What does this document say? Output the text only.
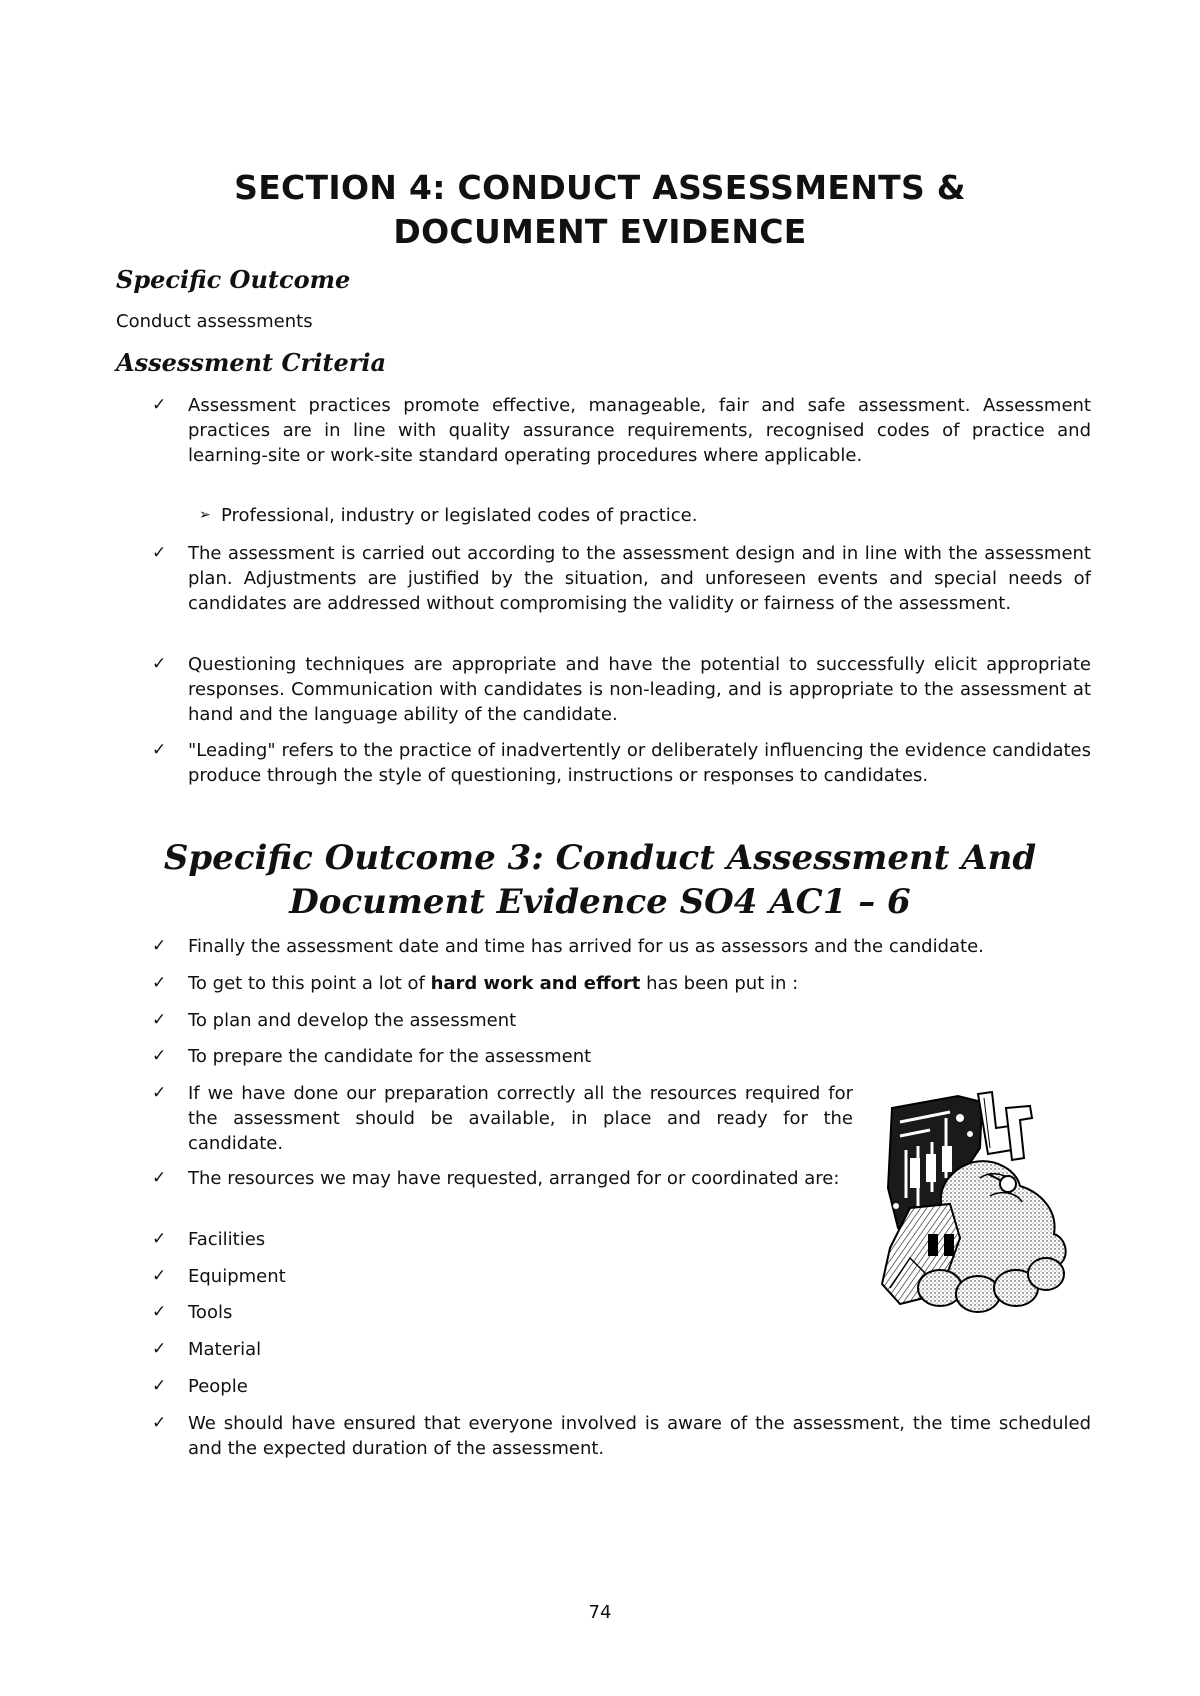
SECTION 4: CONDUCT ASSESSMENTS &
DOCUMENT EVIDENCE
Specific Outcome
Conduct assessments
Assessment Criteria
✓ Assessment practices promote effective, manageable, fair and safe assessment. Assessment practices are in line with quality assurance requirements, recognised codes of practice and learning-site or work-site standard operating procedures where applicable.
➢ Professional, industry or legislated codes of practice.
✓ The assessment is carried out according to the assessment design and in line with the assessment plan. Adjustments are justified by the situation, and unforeseen events and special needs of candidates are addressed without compromising the validity or fairness of the assessment.
✓ Questioning techniques are appropriate and have the potential to successfully elicit appropriate responses. Communication with candidates is non-leading, and is appropriate to the assessment at hand and the language ability of the candidate.
✓ "Leading" refers to the practice of inadvertently or deliberately influencing the evidence candidates produce through the style of questioning, instructions or responses to candidates.
Specific Outcome 3: Conduct Assessment And
Document Evidence SO4 AC1 – 6
✓ Finally the assessment date and time has arrived for us as assessors and the candidate.
✓ To get to this point a lot of hard work and effort has been put in :
✓ To plan and develop the assessment
✓ To prepare the candidate for the assessment
✓ If we have done our preparation correctly all the resources required for the assessment should be available, in place and ready for the candidate.
✓ The resources we may have requested, arranged for or coordinated are:
✓ Facilities
✓ Equipment
✓ Tools
✓ Material
✓ People
✓ We should have ensured that everyone involved is aware of the assessment, the time scheduled and the expected duration of the assessment.
74
